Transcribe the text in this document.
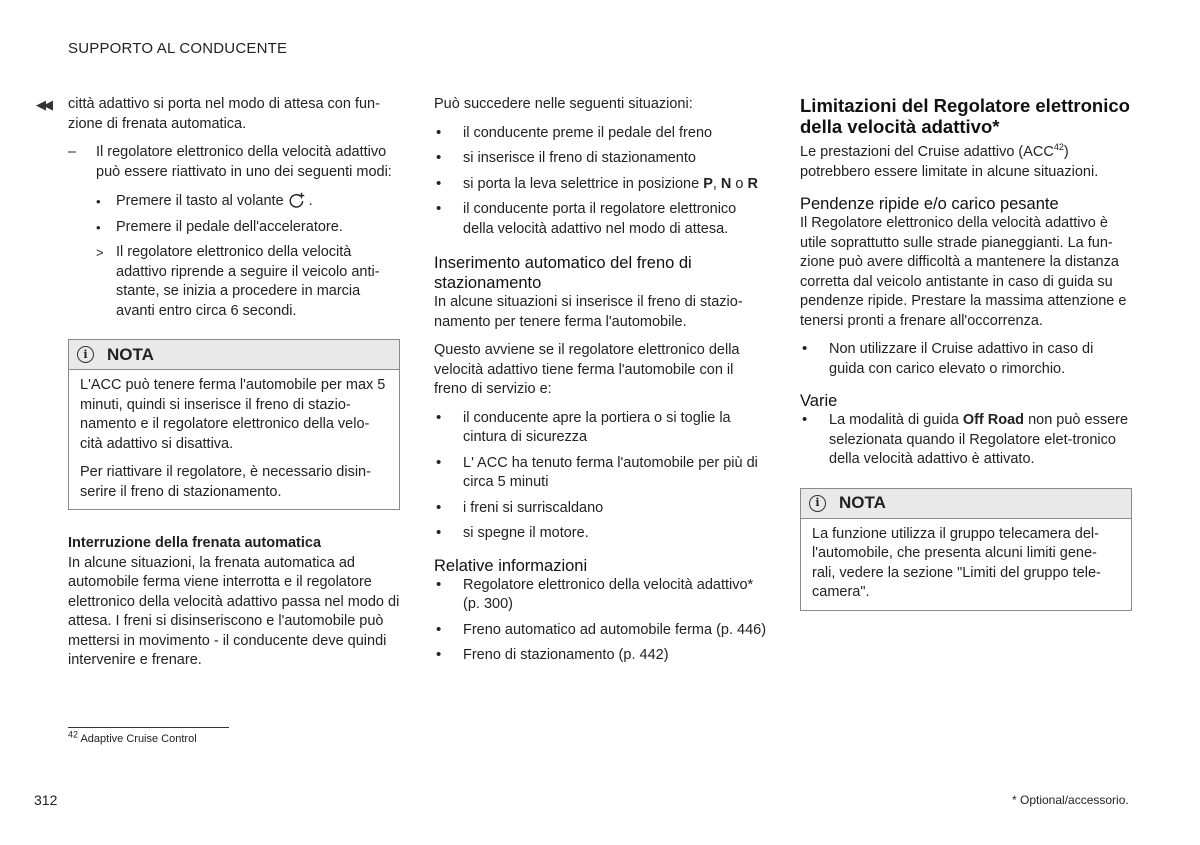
SUPPORTO AL CONDUCENTE
◀◀ città adattivo si porta nel modo di attesa con fun-zione di frenata automatica.

– Il regolatore elettronico della velocità adattivo può essere riattivato in uno dei seguenti modi:
• Premere il tasto al volante .
• Premere il pedale dell'acceleratore.
> Il regolatore elettronico della velocità adattivo riprende a seguire il veicolo anti-stante, se inizia a procedere in marcia avanti entro circa 6 secondi.
i	NOTA

L'ACC può tenere ferma l'automobile per max 5 minuti, quindi si inserisce il freno di stazio-namento e il regolatore elettronico della velo-cità adattivo si disattiva.

Per riattivare il regolatore, è necessario disin-serire il freno di stazionamento.

Interruzione della frenata automatica

In alcune situazioni, la frenata automatica ad automobile ferma viene interrotta e il regolatore elettronico della velocità adattivo passa nel modo di attesa. I freni si disinseriscono e l'automobile può mettersi in movimento - il conducente deve quindi intervenire e frenare.

Può succedere nelle seguenti situazioni:

• il conducente preme il pedale del freno
• si inserisce il freno di stazionamento
• si porta la leva selettrice in posizione P, N o R
• il conducente porta il regolatore elettronico della velocità adattivo nel modo di attesa.
Inserimento automatico del freno di stazionamento

In alcune situazioni si inserisce il freno di stazio-namento per tenere ferma l'automobile.

Questo avviene se il regolatore elettronico della velocità adattivo tiene ferma l'automobile con il freno di servizio e:

• il conducente apre la portiera o si toglie la cintura di sicurezza
• L' ACC ha tenuto ferma l'automobile per più di circa 5 minuti
• i freni si surriscaldano
• si spegne il motore.
Relative informazioni
• Regolatore elettronico della velocità adattivo* (p. 300)
• Freno automatico ad automobile ferma (p. 446)
• Freno di stazionamento (p. 442)
Limitazioni del Regolatore elettronico della velocità adattivo*

Le prestazioni del Cruise adattivo (ACC$^{42}$) potrebbero essere limitate in alcune situazioni.

Pendenze ripide e/o carico pesante

Il Regolatore elettronico della velocità adattivo è utile soprattutto sulle strade pianeggianti. La fun-zione può avere difficoltà a mantenere la distanza corretta dal veicolo antistante in caso di guida su pendenze ripide. Prestare la massima attenzione e tenersi pronti a frenare all'occorrenza.

• Non utilizzare il Cruise adattivo in caso di guida con carico elevato o rimorchio.
Varie
• La modalità di guida Off Road non può essere selezionata quando il Regolatore elet-tronico della velocità adattivo è attivato.
i	NOTA

La funzione utilizza il gruppo telecamera del-l'automobile, che presenta alcuni limiti gene-rali, vedere la sezione "Limiti del gruppo tele-camera".

$^{42}$ Adaptive Cruise Control
312	* Optional/accessorio.
